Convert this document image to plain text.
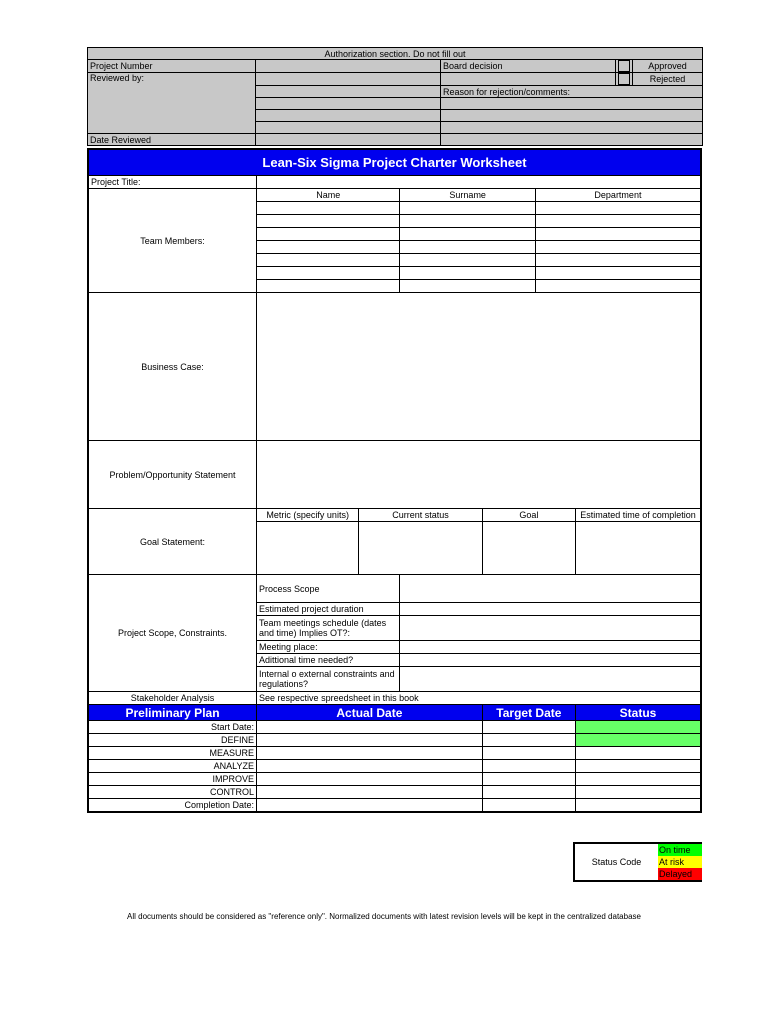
Authorization section. Do not fill out				
Project Number		Board decision		Approved
Reviewed by:				Rejected
		Reason for rejection/comments:		

Date Reviewed				
Lean-Six Sigma Project Charter Worksheet						
Project Title:						
Team Members:	Name		Surname		Department	

Business Case:						
Problem/Opportunity Statement						
Goal Statement:	Metric (specify units)	Current status		Goal		Estimated time of completion

Project Scope, Constraints.	Process Scope					
	Estimated project duration					
	Team meetings schedule (dates and time) Implies OT?:					
	Meeting place:					
	Adittional time needed?					
	Internal o external constraints and regulations?					
Stakeholder Analysis	See respective spreedsheet in this book					
Preliminary Plan	Actual Date			Target Date		Status
Start Date:						
DEFINE						
MEASURE						
ANALYZE						
IMPROVE						
CONTROL						
Completion Date:						
Status Code
On time
At risk
Delayed
All documents should be considered as "reference only". Normalized documents with latest revision levels will be kept in the centralized database
